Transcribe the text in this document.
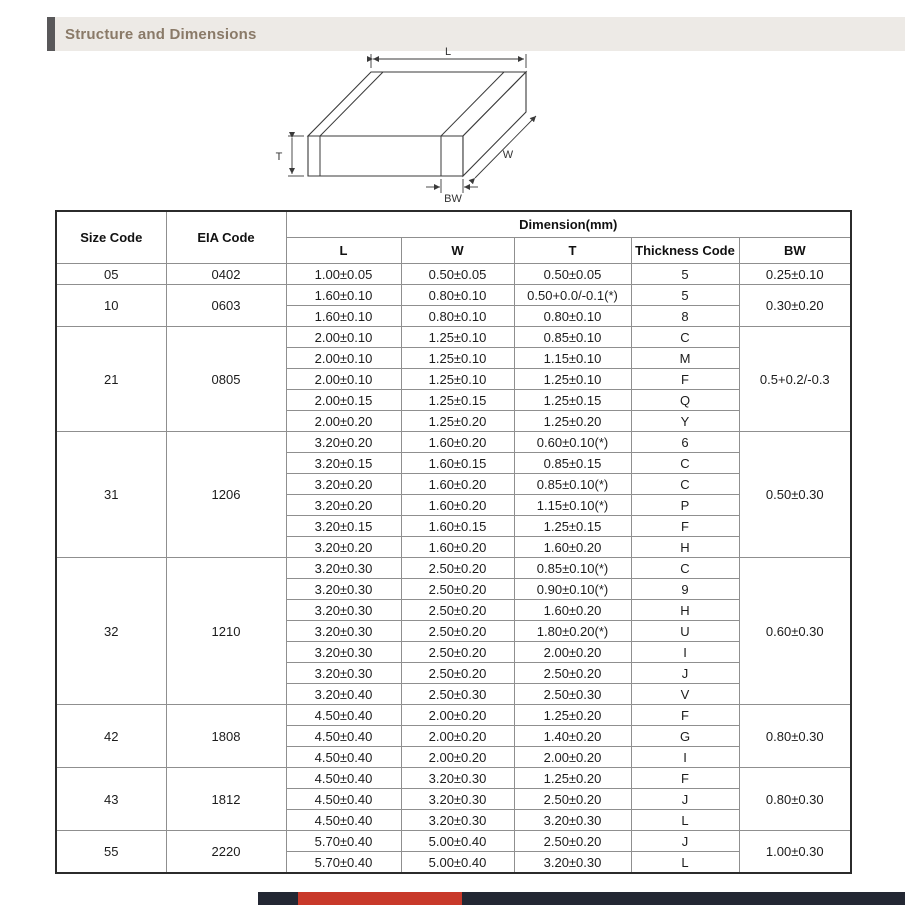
Structure and Dimensions
L
T	W
BW
Size Code	EIA Code	Dimension(mm)				
		L	W	T	Thickness Code	BW
05	0402	1.00±0.05	0.50±0.05	0.50±0.05	5	0.25±0.10
10	0603	1.60±0.10	0.80±0.10	0.50+0.0/-0.1(*)	5	0.30±0.20
		1.60±0.10	0.80±0.10	0.80±0.10	8	
21	0805	2.00±0.10	1.25±0.10	0.85±0.10	C	0.5+0.2/-0.3
		2.00±0.10	1.25±0.10	1.15±0.10	M	
		2.00±0.10	1.25±0.10	1.25±0.10	F	
		2.00±0.15	1.25±0.15	1.25±0.15	Q	
		2.00±0.20	1.25±0.20	1.25±0.20	Y	
31	1206	3.20±0.20	1.60±0.20	0.60±0.10(*)	6	0.50±0.30
		3.20±0.15	1.60±0.15	0.85±0.15	C	
		3.20±0.20	1.60±0.20	0.85±0.10(*)	C	
		3.20±0.20	1.60±0.20	1.15±0.10(*)	P	
		3.20±0.15	1.60±0.15	1.25±0.15	F	
		3.20±0.20	1.60±0.20	1.60±0.20	H	
32	1210	3.20±0.30	2.50±0.20	0.85±0.10(*)	C	0.60±0.30
		3.20±0.30	2.50±0.20	0.90±0.10(*)	9	
		3.20±0.30	2.50±0.20	1.60±0.20	H	
		3.20±0.30	2.50±0.20	1.80±0.20(*)	U	
		3.20±0.30	2.50±0.20	2.00±0.20	I	
		3.20±0.30	2.50±0.20	2.50±0.20	J	
		3.20±0.40	2.50±0.30	2.50±0.30	V	
42	1808	4.50±0.40	2.00±0.20	1.25±0.20	F	0.80±0.30
		4.50±0.40	2.00±0.20	1.40±0.20	G	
		4.50±0.40	2.00±0.20	2.00±0.20	I	
43	1812	4.50±0.40	3.20±0.30	1.25±0.20	F	0.80±0.30
		4.50±0.40	3.20±0.30	2.50±0.20	J	
		4.50±0.40	3.20±0.30	3.20±0.30	L	
55	2220	5.70±0.40	5.00±0.40	2.50±0.20	J	1.00±0.30
		5.70±0.40	5.00±0.40	3.20±0.30	L	
